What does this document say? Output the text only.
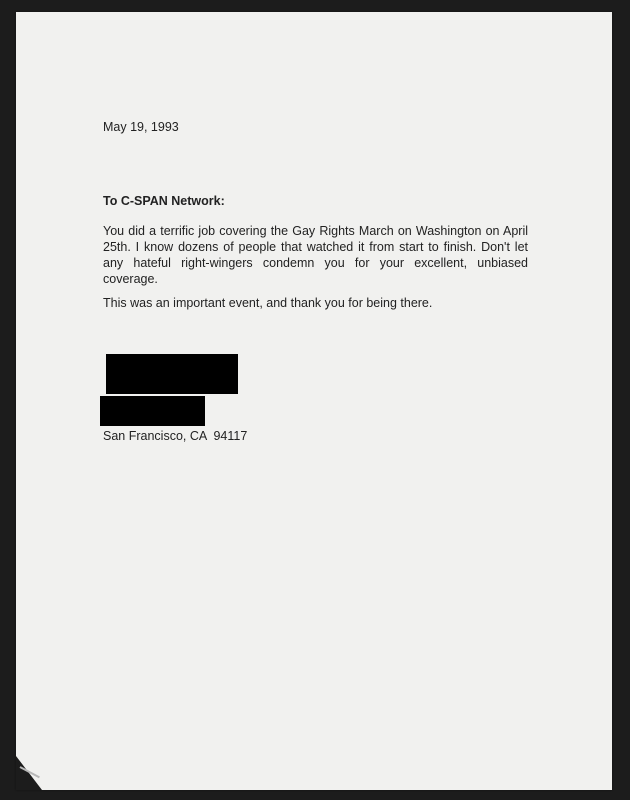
​
May 19, 1993
To C-SPAN Network:
You did a terrific job covering the Gay Rights March on Washington on April 25th. I know dozens of people that watched it from start to finish. Don't let any hateful right-wingers condemn you for your excellent, unbiased coverage.
This was an important event, and thank you for being there.
San Francisco, CA  94117
